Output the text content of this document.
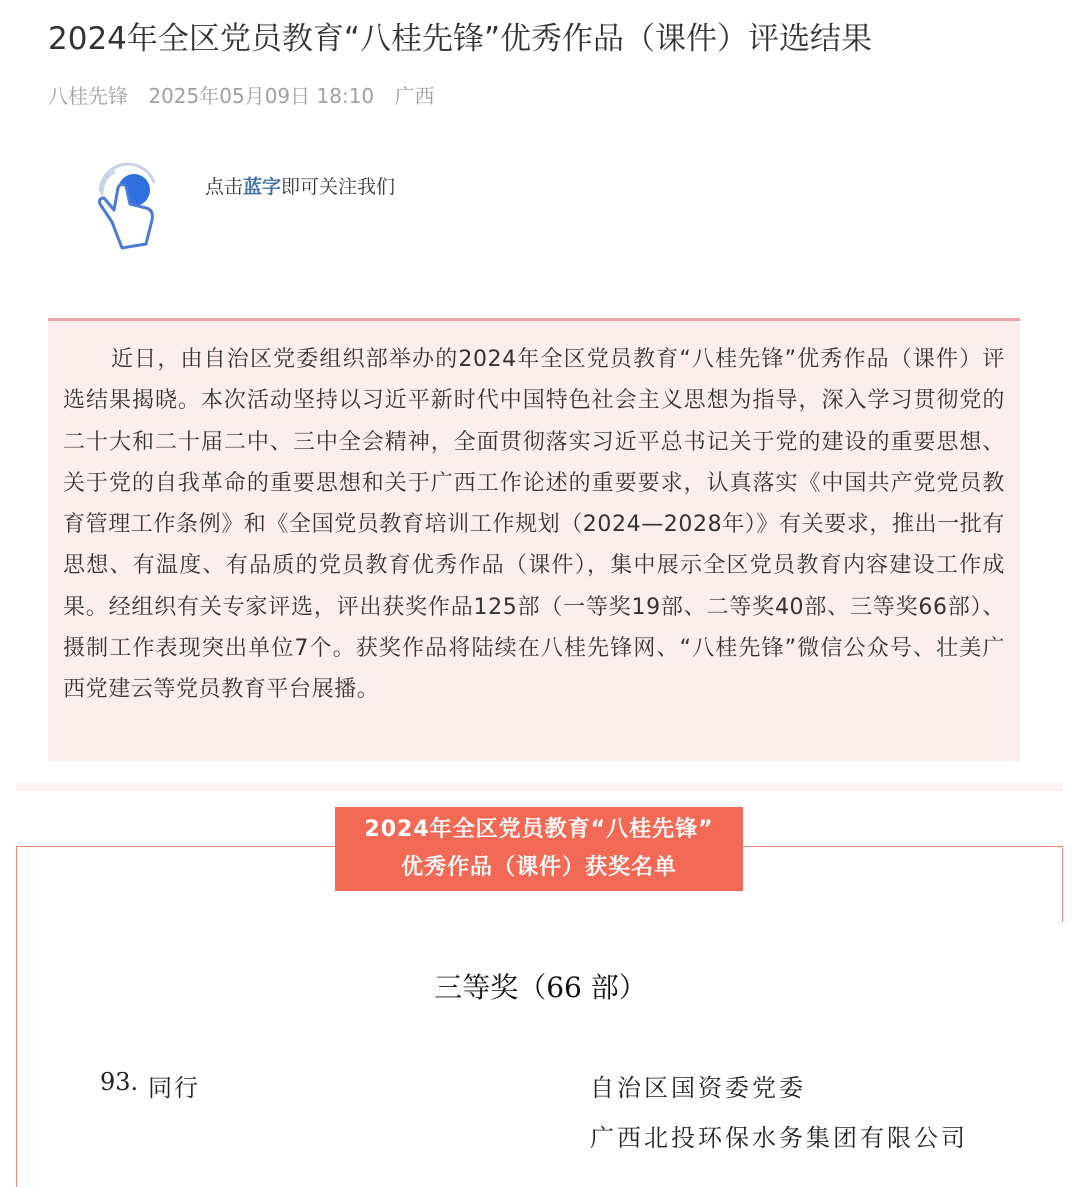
2024年全区党员教育“八桂先锋”优秀作品（课件）评选结果
八桂先锋 2025年05月09日 18:10 广西
点击蓝字即可关注我们

近日，由自治区党委组织部举办的2024年全区党员教育“八桂先锋”优秀作品（课件）评选结果揭晓。本次活动坚持以习近平新时代中国特色社会主义思想为指导，深入学习贯彻党的二十大和二十届二中、三中全会精神，全面贯彻落实习近平总书记关于党的建设的重要思想、关于党的自我革命的重要思想和关于广西工作论述的重要要求，认真落实《中国共产党党员教育管理工作条例》和《全国党员教育培训工作规划（2024—2028年）》有关要求，推出一批有思想、有温度、有品质的党员教育优秀作品（课件），集中展示全区党员教育内容建设工作成果。经组织有关专家评选，评出获奖作品125部（一等奖19部、二等奖40部、三等奖66部）、摄制工作表现突出单位7个。获奖作品将陆续在八桂先锋网、“八桂先锋”微信公众号、壮美广西党建云等党员教育平台展播。

2024年全区党员教育“八桂先锋”
优秀作品（课件）获奖名单
三等奖（66 部）
93. 同行	自治区国资委党委
广西北投环保水务集团有限公司
